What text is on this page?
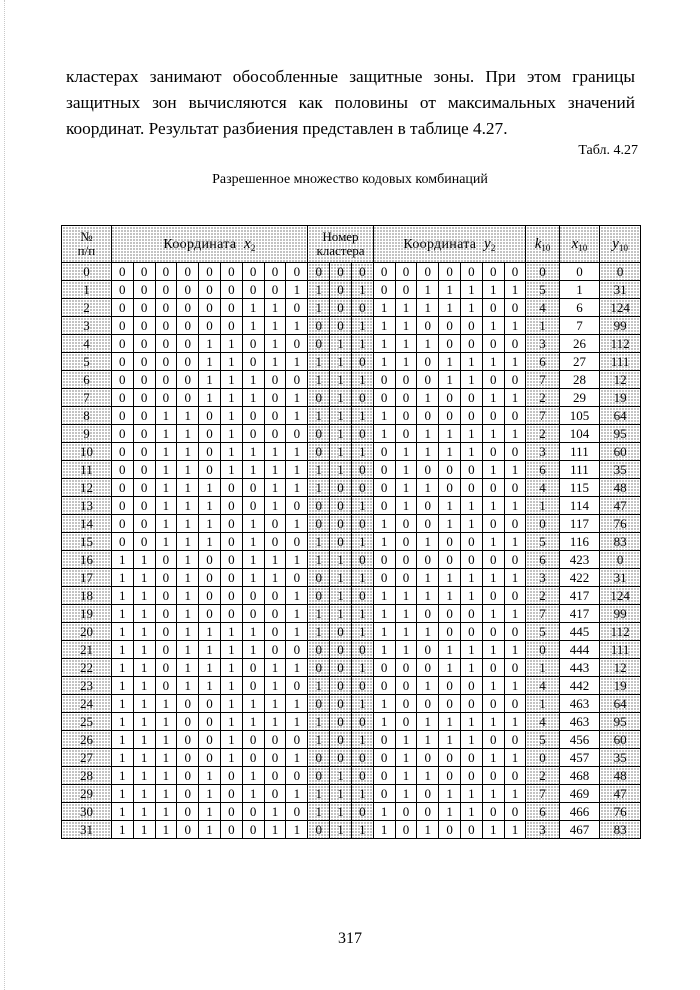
кластерах занимают обособленные защитные зоны. При этом границы
защитных зон вычисляются как половины от максимальных значений
координат. Результат разбиения представлен в таблице 4.27.
Табл. 4.27
Разрешенное множество кодовых комбинаций
№
п/п	Координата $x_2$									Номер
кластера			Координата $y_2$							$k_{10}$	$x_{10}$	$y_{10}$
0	0	0	0	0	0	0	0	0	0	0	0	0	0	0	0	0	0	0	0	0	0	0
1	0	0	0	0	0	0	0	0	1	1	0	1	0	0	1	1	1	1	1	5	1	31
2	0	0	0	0	0	0	1	1	0	1	0	0	1	1	1	1	1	0	0	4	6	124
3	0	0	0	0	0	0	1	1	1	0	0	1	1	1	0	0	0	1	1	1	7	99
4	0	0	0	0	1	1	0	1	0	0	1	1	1	1	1	0	0	0	0	3	26	112
5	0	0	0	0	1	1	0	1	1	1	1	0	1	1	0	1	1	1	1	6	27	111
6	0	0	0	0	1	1	1	0	0	1	1	1	0	0	0	1	1	0	0	7	28	12
7	0	0	0	0	1	1	1	0	1	0	1	0	0	0	1	0	0	1	1	2	29	19
8	0	0	1	1	0	1	0	0	1	1	1	1	1	0	0	0	0	0	0	7	105	64
9	0	0	1	1	0	1	0	0	0	0	1	0	1	0	1	1	1	1	1	2	104	95
10	0	0	1	1	0	1	1	1	1	0	1	1	0	1	1	1	1	0	0	3	111	60
11	0	0	1	1	0	1	1	1	1	1	1	0	0	1	0	0	0	1	1	6	111	35
12	0	0	1	1	1	0	0	1	1	1	0	0	0	1	1	0	0	0	0	4	115	48
13	0	0	1	1	1	0	0	1	0	0	0	1	0	1	0	1	1	1	1	1	114	47
14	0	0	1	1	1	0	1	0	1	0	0	0	1	0	0	1	1	0	0	0	117	76
15	0	0	1	1	1	0	1	0	0	1	0	1	1	0	1	0	0	1	1	5	116	83
16	1	1	0	1	0	0	1	1	1	1	1	0	0	0	0	0	0	0	0	6	423	0
17	1	1	0	1	0	0	1	1	0	0	1	1	0	0	1	1	1	1	1	3	422	31
18	1	1	0	1	0	0	0	0	1	0	1	0	1	1	1	1	1	0	0	2	417	124
19	1	1	0	1	0	0	0	0	1	1	1	1	1	1	0	0	0	1	1	7	417	99
20	1	1	0	1	1	1	1	0	1	1	0	1	1	1	1	0	0	0	0	5	445	112
21	1	1	0	1	1	1	1	0	0	0	0	0	1	1	0	1	1	1	1	0	444	111
22	1	1	0	1	1	1	0	1	1	0	0	1	0	0	0	1	1	0	0	1	443	12
23	1	1	0	1	1	1	0	1	0	1	0	0	0	0	1	0	0	1	1	4	442	19
24	1	1	1	0	0	1	1	1	1	0	0	1	1	0	0	0	0	0	0	1	463	64
25	1	1	1	0	0	1	1	1	1	1	0	0	1	0	1	1	1	1	1	4	463	95
26	1	1	1	0	0	1	0	0	0	1	0	1	0	1	1	1	1	0	0	5	456	60
27	1	1	1	0	0	1	0	0	1	0	0	0	0	1	0	0	0	1	1	0	457	35
28	1	1	1	0	1	0	1	0	0	0	1	0	0	1	1	0	0	0	0	2	468	48
29	1	1	1	0	1	0	1	0	1	1	1	1	0	1	0	1	1	1	1	7	469	47
30	1	1	1	0	1	0	0	1	0	1	1	0	1	0	0	1	1	0	0	6	466	76
31	1	1	1	0	1	0	0	1	1	0	1	1	1	0	1	0	0	1	1	3	467	83
317
